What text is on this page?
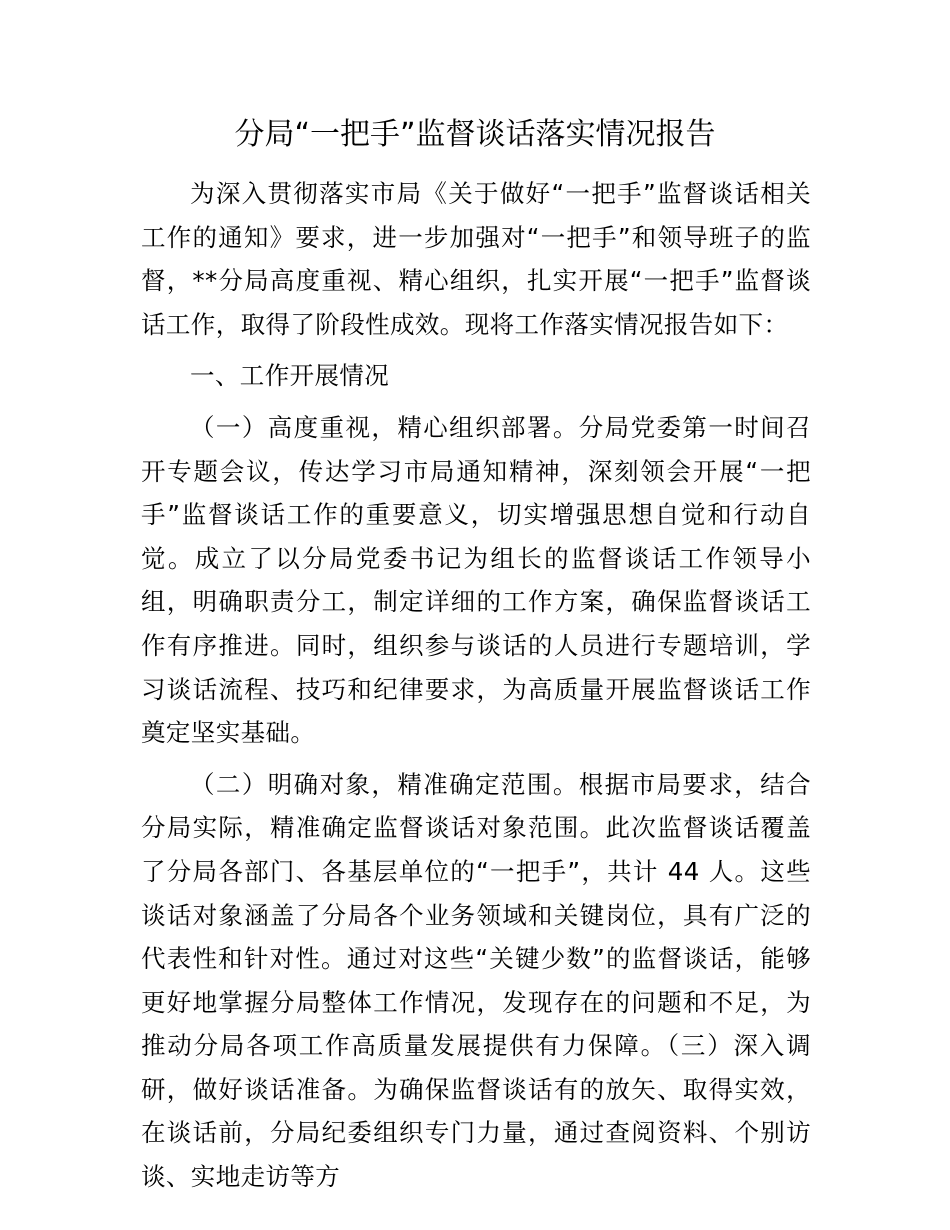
分局“一把手”监督谈话落实情况报告

为深入贯彻落实市局《关于做好“一把手”监督谈话相关工作的通知》要求，进一步加强对“一把手”和领导班子的监督，**分局高度重视、精心组织，扎实开展“一把手”监督谈话工作，取得了阶段性成效。现将工作落实情况报告如下：

一、工作开展情况

（一）高度重视，精心组织部署。分局党委第一时间召开专题会议，传达学习市局通知精神，深刻领会开展“一把手”监督谈话工作的重要意义，切实增强思想自觉和行动自觉。成立了以分局党委书记为组长的监督谈话工作领导小组，明确职责分工，制定详细的工作方案，确保监督谈话工作有序推进。同时，组织参与谈话的人员进行专题培训，学习谈话流程、技巧和纪律要求，为高质量开展监督谈话工作奠定坚实基础。

（二）明确对象，精准确定范围。根据市局要求，结合分局实际，精准确定监督谈话对象范围。此次监督谈话覆盖了分局各部门、各基层单位的“一把手”，共计 44 人。这些谈话对象涵盖了分局各个业务领域和关键岗位，具有广泛的代表性和针对性。通过对这些“关键少数”的监督谈话，能够更好地掌握分局整体工作情况，发现存在的问题和不足，为推动分局各项工作高质量发展提供有力保障。（三）深入调研，做好谈话准备。为确保监督谈话有的放矢、取得实效，在谈话前，分局纪委组织专门力量，通过查阅资料、个别访谈、实地走访等方
